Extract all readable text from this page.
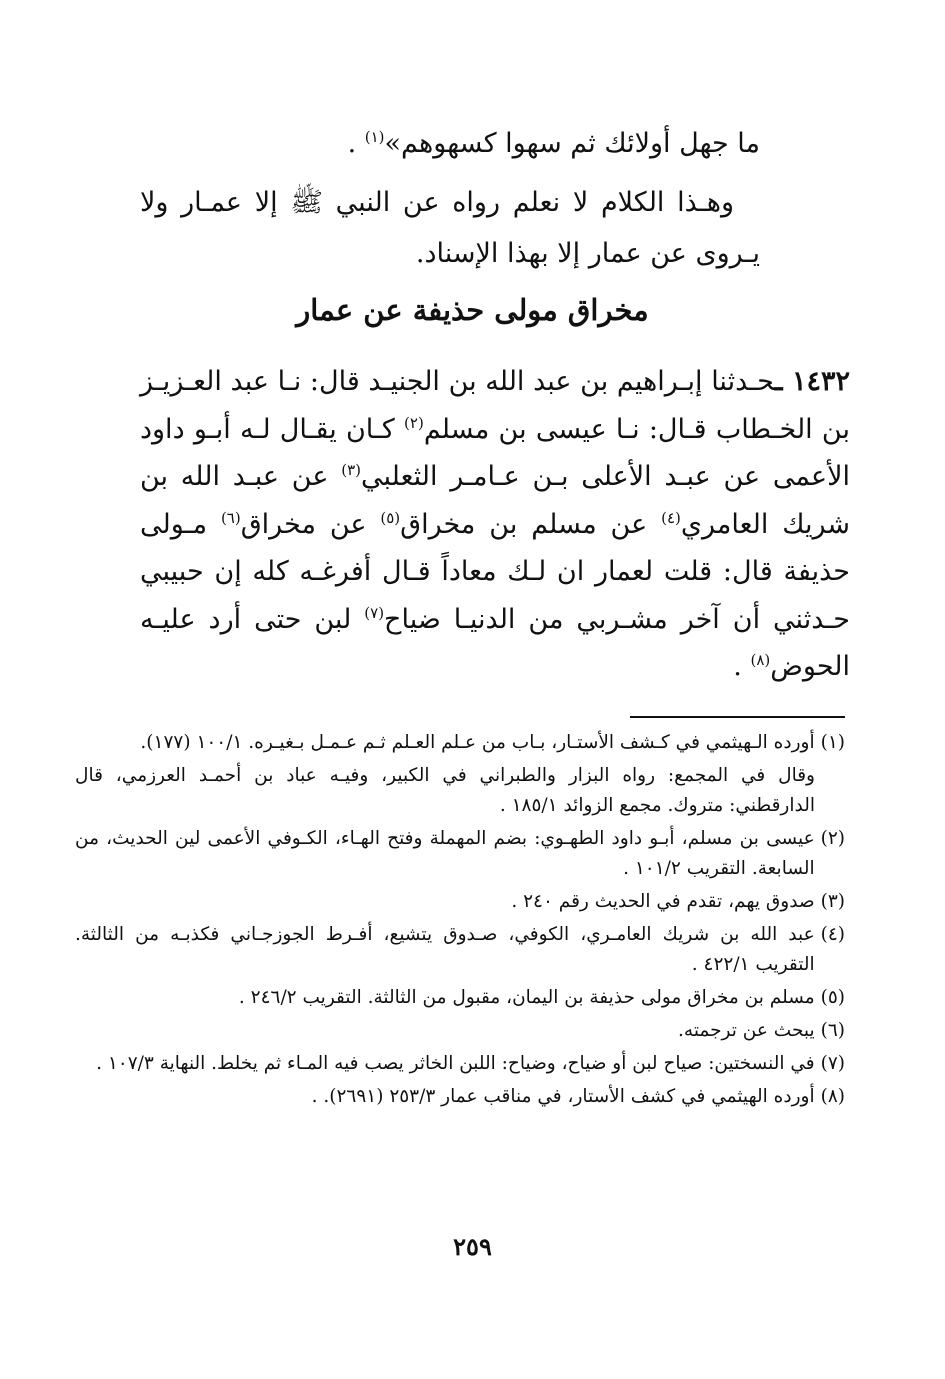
ما جهل أولائك ثم سهوا كسهوهم»$^{(١)}$ .

وهـذا الكلام لا نعلم رواه عن النبي ﷺ إلا عمـار ولا يـروى عن عمار إلا بهذا الإسناد.

مخراق مولى حذيفة عن عمار

١٤٣٢ ـحـدثنا إبـراهيم بن عبد الله بن الجنيـد قال: نـا عبد العـزيـز بن الخـطاب قـال: نـا عيسى بن مسلم$^{(٢)}$ كـان يقـال لـه أبـو داود الأعمى عن عبـد الأعلى بـن عـامـر الثعلبي$^{(٣)}$ عن عبـد الله بن شريك العامري$^{(٤)}$ عن مسلم بن مخراق$^{(٥)}$ عن مخراق$^{(٦)}$ مـولى حذيفة قال: قلت لعمار ان لـك معاداً قـال أفرغـه كله إن حبيبي حـدثني أن آخر مشـربي من الدنيـا ضياح$^{(٧)}$ لبن حتى أرد عليـه الحوض$^{(٨)}$ .

(١)
أورده الـهيثمي في كـشف الأستـار، بـاب من عـلم العـلم ثـم عـمـل بـغيـره. ١٠٠/١ (١٧٧).
وقال في المجمع: رواه البزار والطبراني في الكبير، وفيـه عباد بن أحمـد العرزمي، قال الدارقطني: متروك. مجمع الزوائد ١٨٥/١ .
(٢)
عيسى بن مسلم، أبـو داود الطهـوي: بضم المهملة وفتح الهـاء، الكـوفي الأعمى لين الحديث، من السابعة. التقريب ١٠١/٢ .
(٣)
صدوق يهم، تقدم في الحديث رقم ٢٤٠ .
(٤)
عبد الله بن شريك العامـري، الكوفي، صـدوق يتشيع، أفـرط الجوزجـاني فكذبـه من الثالثة. التقريب ٤٢٢/١ .
(٥)
مسلم بن مخراق مولى حذيفة بن اليمان، مقبول من الثالثة. التقريب ٢٤٦/٢ .
(٦)
يبحث عن ترجمته.
(٧)
في النسختين: صياح لبن أو ضياح، وضياح: اللبن الخاثر يصب فيه المـاء ثم يخلط. النهاية ١٠٧/٣ .
(٨)
أورده الهيثمي في كشف الأستار، في مناقب عمار ٢٥٣/٣ (٢٦٩١). .
٢٥٩
